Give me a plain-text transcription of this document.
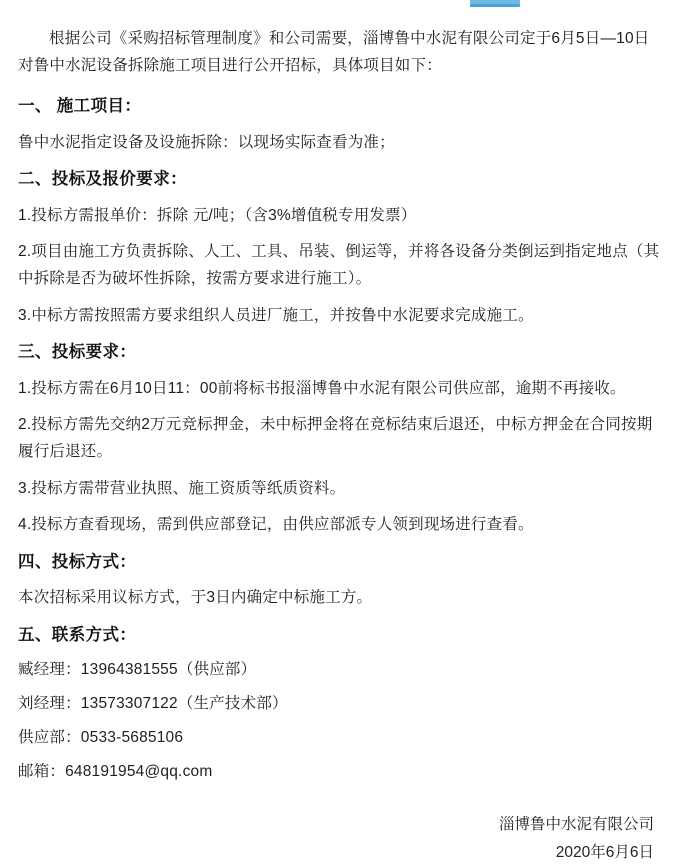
根据公司《采购招标管理制度》和公司需要，淄博鲁中水泥有限公司定于6月5日—10日对鲁中水泥设备拆除施工项目进行公开招标，具体项目如下：

一、 施工项目：

鲁中水泥指定设备及设施拆除：以现场实际查看为准；

二、投标及报价要求：

1.投标方需报单价：拆除 元/吨；（含3%增值税专用发票）

2.项目由施工方负责拆除、人工、工具、吊装、倒运等，并将各设备分类倒运到指定地点（其中拆除是否为破坏性拆除，按需方要求进行施工）。

3.中标方需按照需方要求组织人员进厂施工，并按鲁中水泥要求完成施工。

三、投标要求：

1.投标方需在6月10日11：00前将标书报淄博鲁中水泥有限公司供应部，逾期不再接收。

2.投标方需先交纳2万元竞标押金，未中标押金将在竞标结束后退还，中标方押金在合同按期履行后退还。

3.投标方需带营业执照、施工资质等纸质资料。

4.投标方查看现场，需到供应部登记，由供应部派专人领到现场进行查看。

四、投标方式：

本次招标采用议标方式，于3日内确定中标施工方。

五、联系方式：

臧经理：13964381555（供应部）

刘经理：13573307122（生产技术部）

供应部：0533-5685106

邮箱：648191954@qq.com

淄博鲁中水泥有限公司
2020年6月6日
